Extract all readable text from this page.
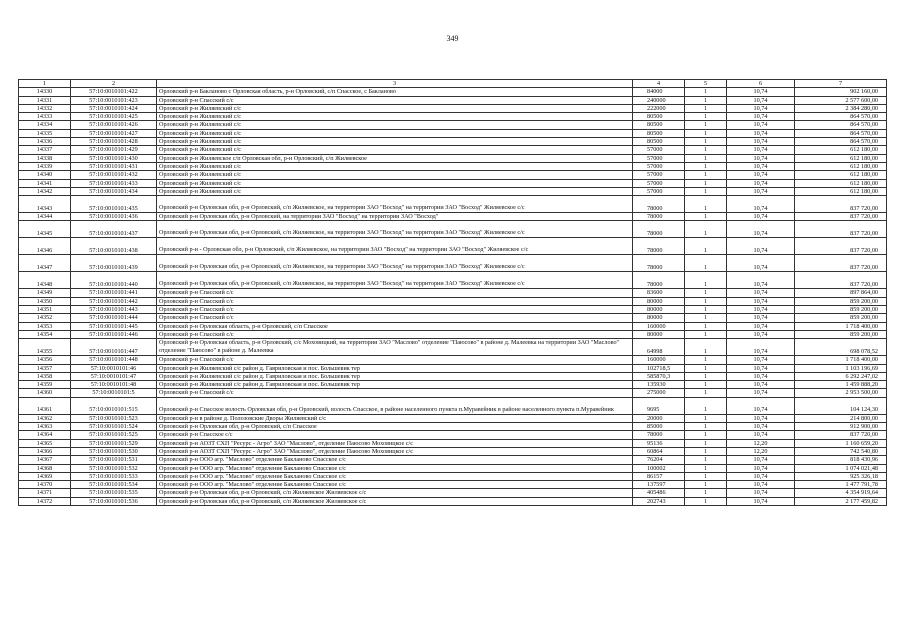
349
1	2	3	4	5	6	7
14330	57:10:0010101:422	Орловский р-н Бакланово с Орловская область, р-н Орловский, с/п Спасское, с Бакланово	84000	1	10,74	902 160,00
14331	57:10:0010101:423	Орловский р-н Спасский с/с	240000	1	10,74	2 577 600,00
14332	57:10:0010101:424	Орловский р-н Жиляевский с/с	222000	1	10,74	2 384 280,00
14333	57:10:0010101:425	Орловский р-н Жиляевский с/с	80500	1	10,74	864 570,00
14334	57:10:0010101:426	Орловский р-н Жиляевский с/с	80500	1	10,74	864 570,00
14335	57:10:0010101:427	Орловский р-н Жиляевский с/с	80500	1	10,74	864 570,00
14336	57:10:0010101:428	Орловский р-н Жиляевский с/с	80500	1	10,74	864 570,00
14337	57:10:0010101:429	Орловский р-н Жиляевский с/с	57000	1	10,74	612 180,00
14338	57:10:0010101:430	Орловский р-н Жиляевское с/п Орловская обл, р-н Орловский, с/п Жиляевское	57000	1	10,74	612 180,00
14339	57:10:0010101:431	Орловский р-н Жиляевский с/с	57000	1	10,74	612 180,00
14340	57:10:0010101:432	Орловский р-н Жиляевский с/с	57000	1	10,74	612 180,00
14341	57:10:0010101:433	Орловский р-н Жиляевский с/с	57000	1	10,74	612 180,00
14342	57:10:0010101:434	Орловский р-н Жиляевский с/с	57000	1	10,74	612 180,00
14343	57:10:0010101:435	Орловский р-н Орловская обл, р-н Орловский, с/п Жиляевское, на территории ЗАО "Восход" на территории ЗАО "Восход" Жиляевское с/с	78000	1	10,74	837 720,00
14344	57:10:0010101:436	Орловский р-н Орловская обл, р-н Орловский, на территории ЗАО "Восход" на территории ЗАО "Восход"	78000	1	10,74	837 720,00
14345	57:10:0010101:437	Орловский р-н Орловская обл, р-н Орловский, с/п Жиляевское, на территории ЗАО "Восход" на территории ЗАО "Восход" Жиляевское с/с	78000	1	10,74	837 720,00
14346	57:10:0010101:438	Орловский р-н - Орловская обл, р-н Орловский, с/п Жиляевское, на территории ЗАО "Восход" на территории ЗАО "Восход" Жиляевское с/с	78000	1	10,74	837 720,00
14347	57:10:0010101:439	Орловский р-н Орловская обл, р-н Орловский, с/п Жиляевское, на территории ЗАО "Восход" на территории ЗАО "Восход" Жиляевское с/с	78000	1	10,74	837 720,00
14348	57:10:0010101:440	Орловский р-н Орловская обл, р-н Орловский, с/п Жиляевское, на территории ЗАО "Восход" на территории ЗАО "Восход" Жиляевское с/с	78000	1	10,74	837 720,00
14349	57:10:0010101:441	Орловский р-н Спасский с/с	83600	1	10,74	897 864,00
14350	57:10:0010101:442	Орловский р-н Спасский с/с	80000	1	10,74	859 200,00
14351	57:10:0010101:443	Орловский р-н Спасский с/с	80000	1	10,74	859 200,00
14352	57:10:0010101:444	Орловский р-н Спасский с/с	80000	1	10,74	859 200,00
14353	57:10:0010101:445	Орловский р-н Орловская область, р-н Орловский, с/п Спасское	160000	1	10,74	1 718 400,00
14354	57:10:0010101:446	Орловский р-н Спасский с/с	80000	1	10,74	859 200,00
14355	57:10:0010101:447	Орловский р-н Орловская область, р-н Орловский, с/с Моховицкий, на территории ЗАО "Маслово" отделение "Паюсово" в районе д. Малеевка на территории ЗАО "Маслово" отделение "Паюсово" в районе д. Малеевка	64998	1	10,74	698 078,52
14356	57:10:0010101:448	Орловский р-н Спасский с/с	160000	1	10,74	1 718 400,00
14357	57:10:0010101:46	Орловский р-н Жиляевский с/с район д. Гавриловская и пос. Большевик тер	102718,5	1	10,74	1 103 196,69
14358	57:10:0010101:47	Орловский р-н Жиляевский с/с район д. Гавриловская и пос. Большевик тер	585870,3	1	10,74	6 292 247,02
14359	57:10:0010101:48	Орловский р-н Жиляевский с/с район д. Гавриловская и пос. Большевик тер	135930	1	10,74	1 459 888,20
14360	57:10:0010101:5	Орловский р-н Спасский с/с	275000	1	10,74	2 953 500,00
14361	57:10:0010101:515	Орловский р-н Спасское волость Орловская обл, р-н Орловский, волость Спасское, в районе населенного пункта п.Муравейник в районе населенного пункта п.Муравейник	9695	1	10,74	104 124,30
14362	57:10:0010101:523	Орловский р-н в районе д. Полозовские Дворы Жиляевский с/с	20000	1	10,74	214 800,00
14363	57:10:0010101:524	Орловский р-н Орловская обл, р-н Орловский, с/п Спасское	85000	1	10,74	912 900,00
14364	57:10:0010101:525	Орловский р-н Спасское с/с	78000	1	10,74	837 720,00
14365	57:10:0010101:529	Орловский р-н АОЗТ СХП "Ресурс - Агро" ЗАО "Маслово", отделение Паюсово Моховицкое с/с	95136	1	12,20	1 160 659,20
14366	57:10:0010101:530	Орловский р-н АОЗТ СХП "Ресурс - Агро" ЗАО "Маслово", отделение Паюсово Моховицкое с/с	60864	1	12,20	742 540,80
14367	57:10:0010101:531	Орловский р-н ООО агр. "Маслово" отделение Бакланово Спасское с/с	76204	1	10,74	818 430,96
14368	57:10:0010101:532	Орловский р-н ООО агр. "Маслово" отделение Бакланово Спасское с/с	100002	1	10,74	1 074 021,48
14369	57:10:0010101:533	Орловский р-н ООО агр. "Маслово" отделение Бакланово Спасское с/с	86157	1	10,74	925 326,18
14370	57:10:0010101:534	Орловский р-н ООО агр. "Маслово" отделение Бакланово Спасское с/с	137597	1	10,74	1 477 791,78
14371	57:10:0010101:535	Орловский р-н Орловская обл, р-н Орловский, с/п Жиляевское Жиляевское с/с	405486	1	10,74	4 354 919,64
14372	57:10:0010101:536	Орловский р-н Орловская обл, р-н Орловский, с/п Жиляевское Жиляевское с/с	202743	1	10,74	2 177 459,82
